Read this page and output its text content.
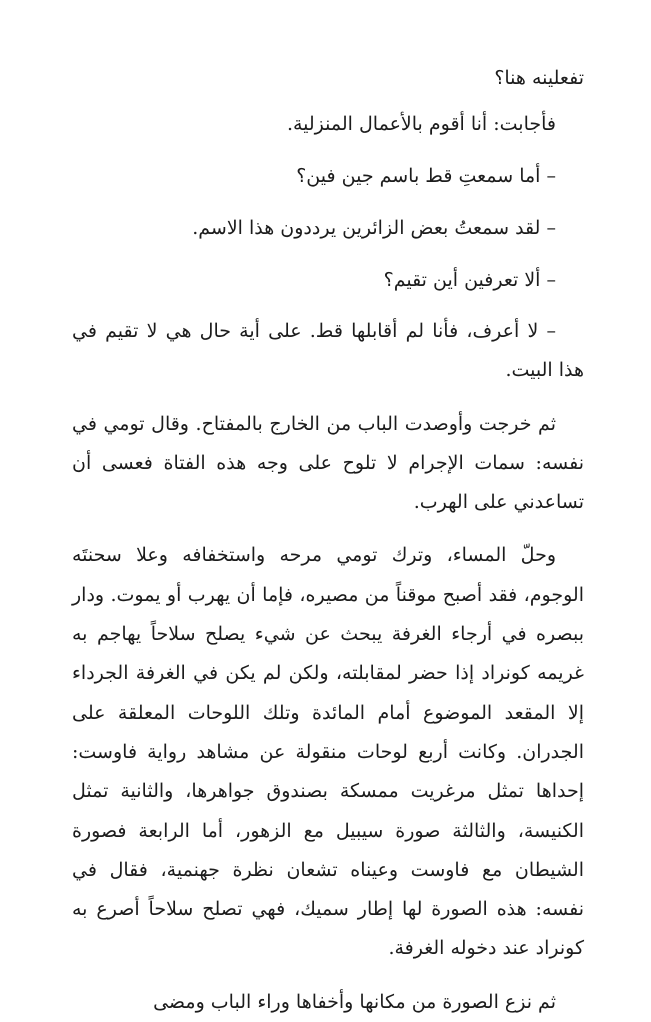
تفعلينه هنا؟

فأجابت: أنا أقوم بالأعمال المنزلية.

– أما سمعتِ قط باسم جين فين؟

– لقد سمعتُ بعض الزائرين يرددون هذا الاسم.

– ألا تعرفين أين تقيم؟

– لا أعرف، فأنا لم أقابلها قط. على أية حال هي لا تقيم في هذا البيت.

ثم خرجت وأوصدت الباب من الخارج بالمفتاح. وقال تومي في نفسه: سمات الإجرام لا تلوح على وجه هذه الفتاة فعسى أن تساعدني على الهرب.

وحلّ المساء، وترك تومي مرحه واستخفافه وعلا سحنتَه الوجوم، فقد أصبح موقناً من مصيره، فإما أن يهرب أو يموت. ودار ببصره في أرجاء الغرفة يبحث عن شيء يصلح سلاحاً يهاجم به غريمه كونراد إذا حضر لمقابلته، ولكن لم يكن في الغرفة الجرداء إلا المقعد الموضوع أمام المائدة وتلك اللوحات المعلقة على الجدران. وكانت أربع لوحات منقولة عن مشاهد رواية فاوست: إحداها تمثل مرغريت ممسكة بصندوق جواهرها، والثانية تمثل الكنيسة، والثالثة صورة سيبيل مع الزهور، أما الرابعة فصورة الشيطان مع فاوست وعيناه تشعان نظرة جهنمية، فقال في نفسه: هذه الصورة لها إطار سميك، فهي تصلح سلاحاً أصرع به كونراد عند دخوله الغرفة.

ثم نزع الصورة من مكانها وأخفاها وراء الباب ومضى
